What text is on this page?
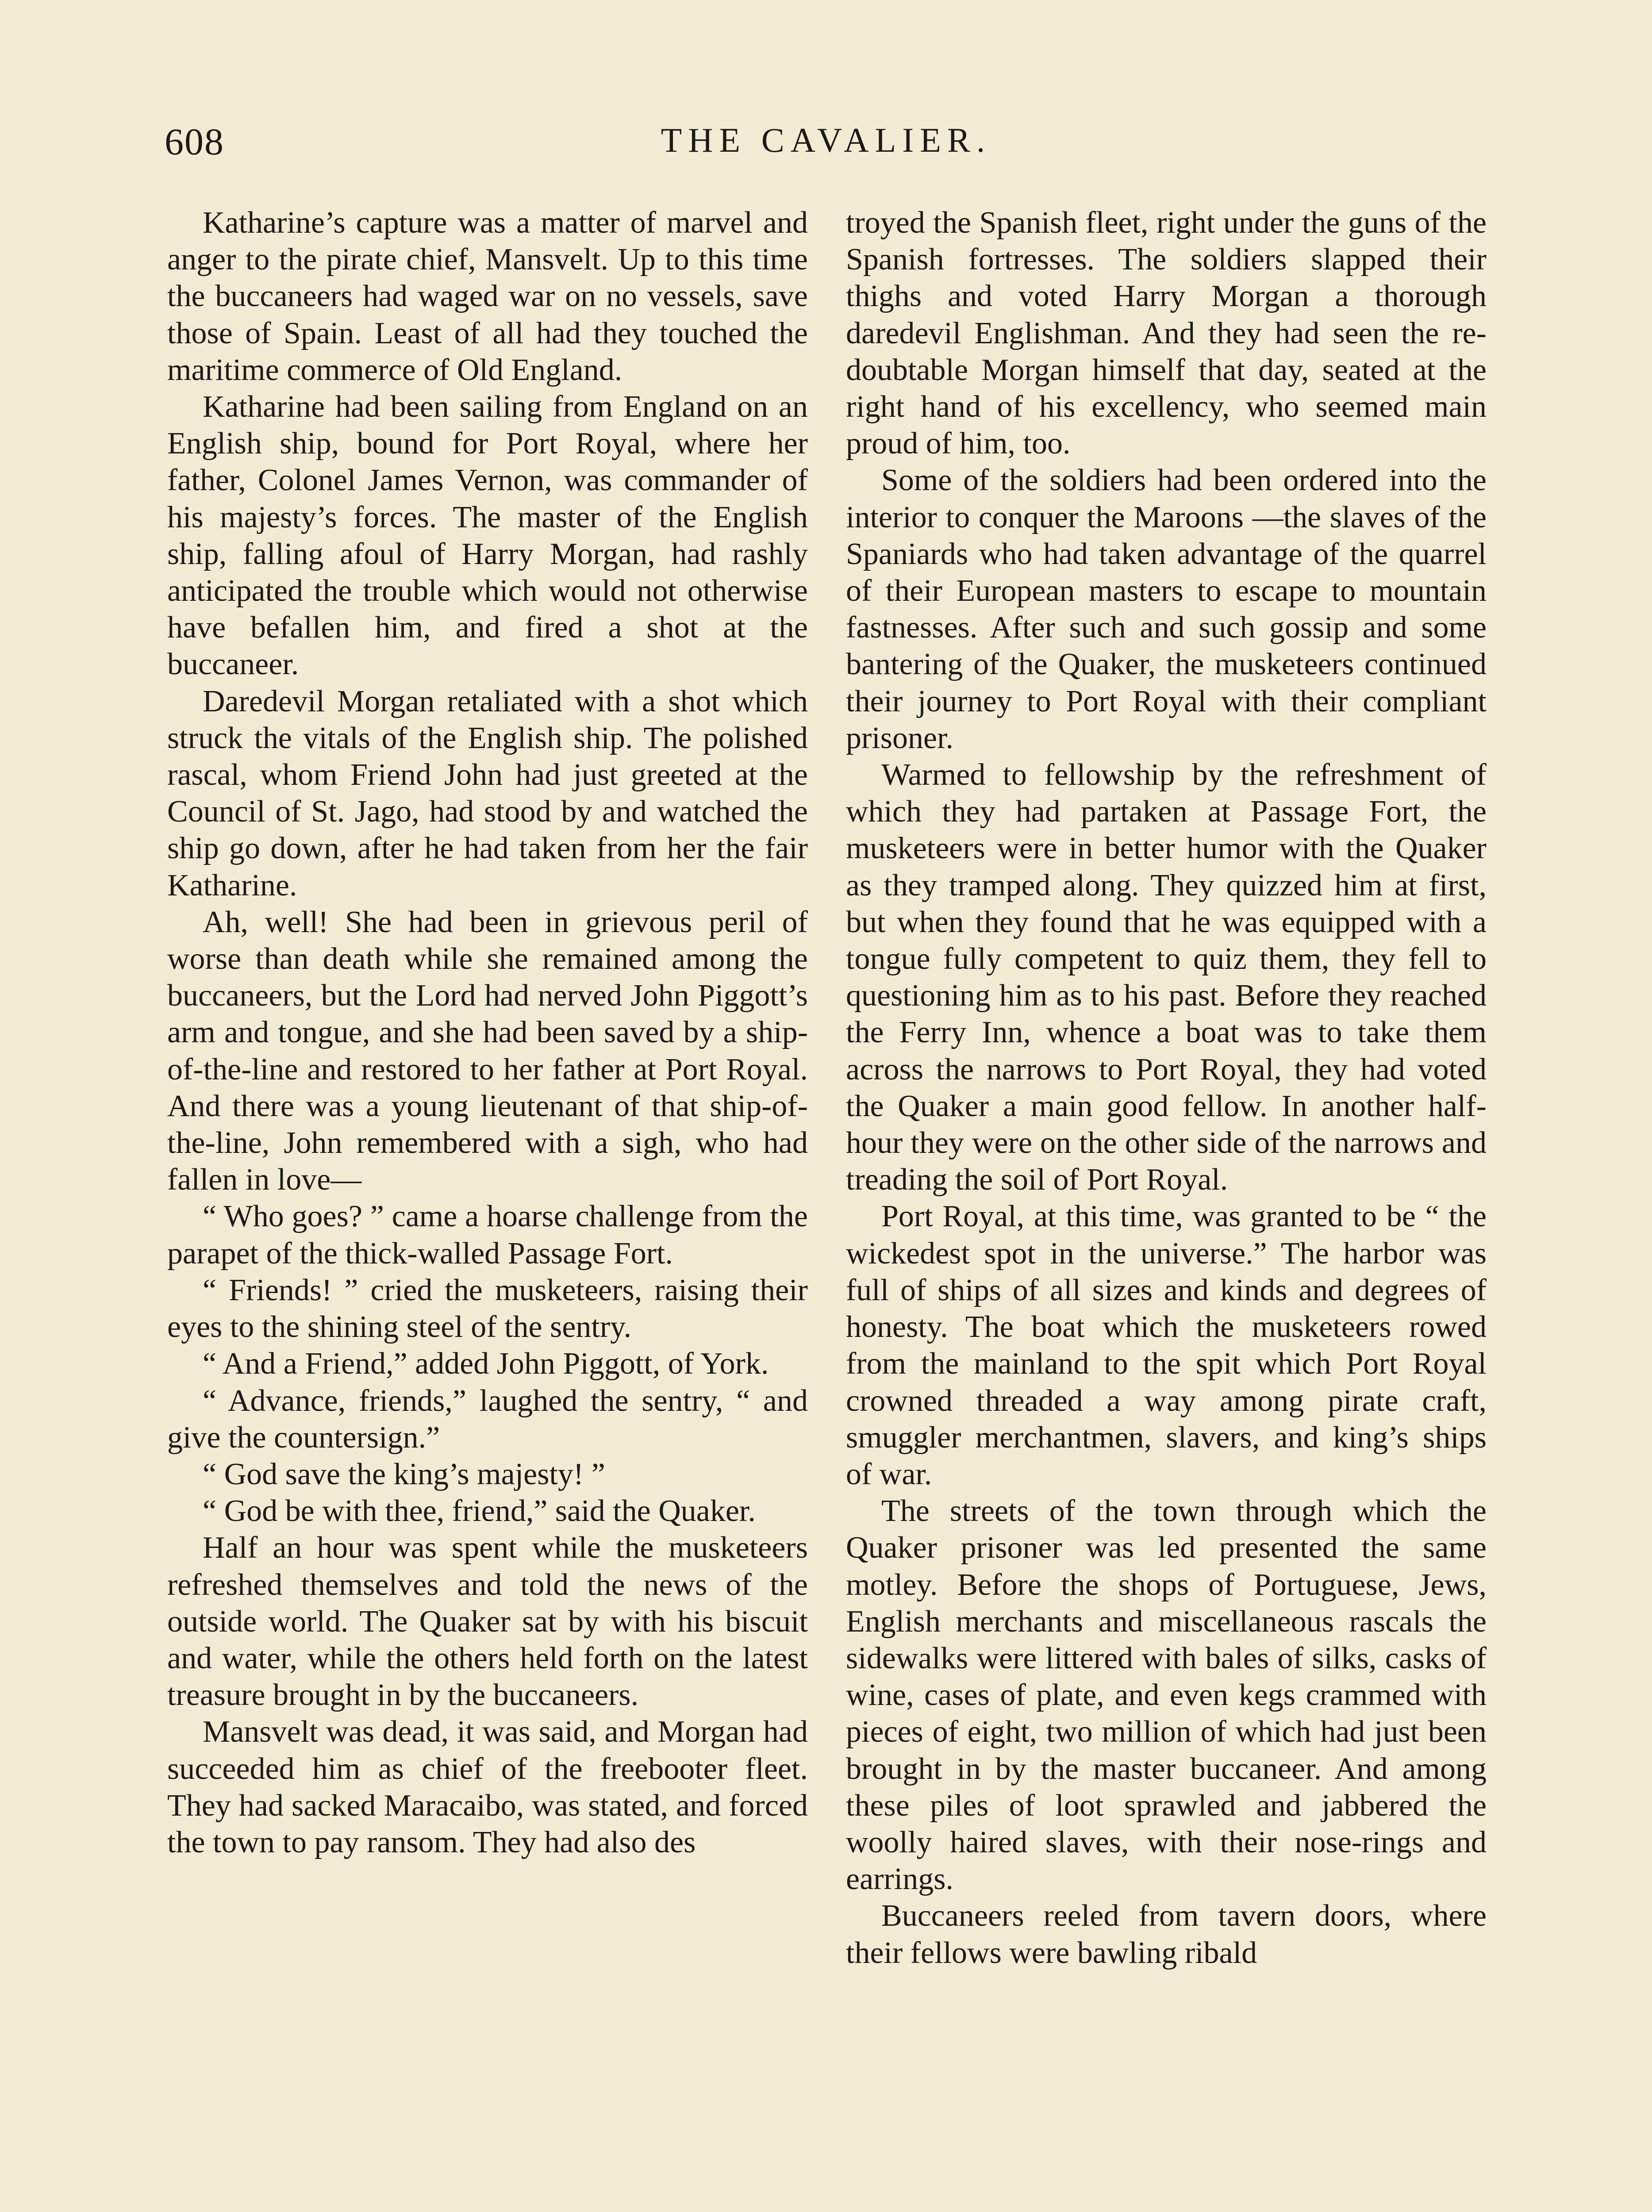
608	THE CAVALIER.

Katharine’s capture was a matter of marvel and anger to the pirate chief, Mansvelt. Up to this time the buccaneers had waged war on no vessels, save those of Spain. Least of all had they touched the maritime commerce of Old England.

Katharine had been sailing from England on an English ship, bound for Port Royal, where her father, Colonel James Vernon, was commander of his majesty’s forces. The master of the English ship, falling afoul of Harry Morgan, had rashly anticipated the trouble which would not otherwise have befallen him, and fired a shot at the buccaneer.

Daredevil Morgan retaliated with a shot which struck the vitals of the English ship. The polished rascal, whom Friend John had just greeted at the Council of St. Jago, had stood by and watched the ship go down, after he had taken from her the fair Katharine.

Ah, well! She had been in grievous peril of worse than death while she remained among the buccaneers, but the Lord had nerved John Piggott’s arm and tongue, and she had been saved by a ship-of-the-line and restored to her father at Port Royal. And there was a young lieutenant of that ship-of-the-line, John remembered with a sigh, who had fallen in love—

“ Who goes? ” came a hoarse challenge from the parapet of the thick-walled Passage Fort.

“ Friends! ” cried the musketeers, raising their eyes to the shining steel of the sentry.

“ And a Friend,” added John Piggott, of York.

“ Advance, friends,” laughed the sentry, “ and give the countersign.”

“ God save the king’s majesty! ”

“ God be with thee, friend,” said the Quaker.

Half an hour was spent while the musketeers refreshed themselves and told the news of the outside world. The Quaker sat by with his biscuit and water, while the others held forth on the latest treasure brought in by the buccaneers.

Mansvelt was dead, it was said, and Morgan had succeeded him as chief of the freebooter fleet. They had sacked Maracaibo, was stated, and forced the town to pay ransom. They had also des

troyed the Spanish fleet, right under the guns of the Spanish fortresses. The soldiers slapped their thighs and voted Harry Morgan a thorough daredevil Englishman. And they had seen the redoubtable Morgan himself that day, seated at the right hand of his excellency, who seemed main proud of him, too.

Some of the soldiers had been ordered into the interior to conquer the Maroons —the slaves of the Spaniards who had taken advantage of the quarrel of their European masters to escape to mountain fastnesses. After such and such gossip and some bantering of the Quaker, the musketeers continued their journey to Port Royal with their compliant prisoner.

Warmed to fellowship by the refreshment of which they had partaken at Passage Fort, the musketeers were in better humor with the Quaker as they tramped along. They quizzed him at first, but when they found that he was equipped with a tongue fully competent to quiz them, they fell to questioning him as to his past. Before they reached the Ferry Inn, whence a boat was to take them across the narrows to Port Royal, they had voted the Quaker a main good fellow. In another half-hour they were on the other side of the narrows and treading the soil of Port Royal.

Port Royal, at this time, was granted to be “ the wickedest spot in the universe.” The harbor was full of ships of all sizes and kinds and degrees of honesty. The boat which the musketeers rowed from the mainland to the spit which Port Royal crowned threaded a way among pirate craft, smuggler merchantmen, slavers, and king’s ships of war.

The streets of the town through which the Quaker prisoner was led presented the same motley. Before the shops of Portuguese, Jews, English merchants and miscellaneous rascals the sidewalks were littered with bales of silks, casks of wine, cases of plate, and even kegs crammed with pieces of eight, two million of which had just been brought in by the master buccaneer. And among these piles of loot sprawled and jabbered the woolly haired slaves, with their nose-rings and earrings.

Buccaneers reeled from tavern doors, where their fellows were bawling ribald
